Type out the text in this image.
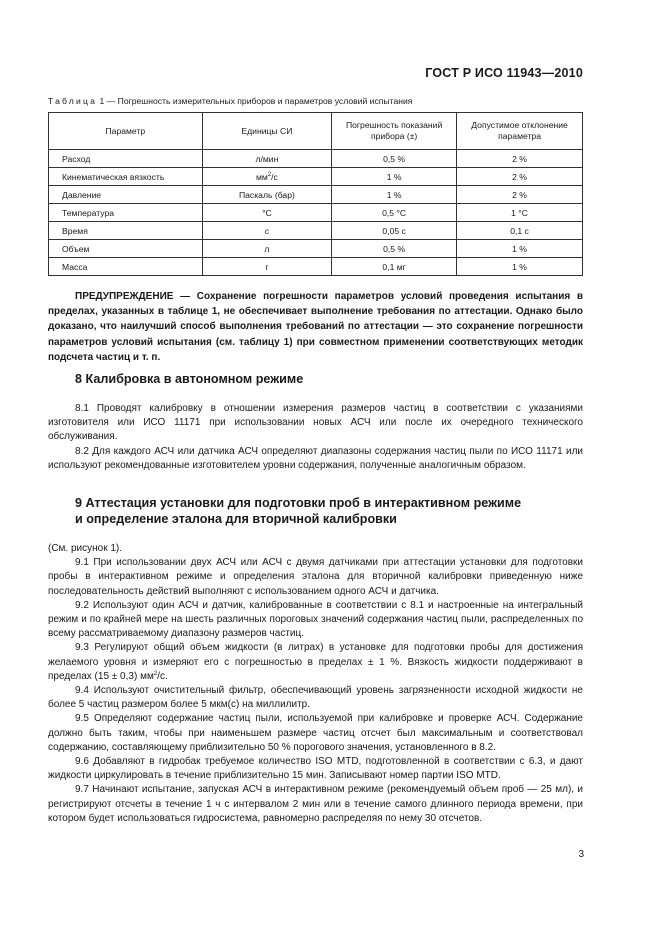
ГОСТ Р ИСО 11943—2010
Таблица 1 — Погрешность измерительных приборов и параметров условий испытания
Параметр	Единицы СИ	Погрешность показаний прибора (±)	Допустимое отклонение параметра
Расход	л/мин	0,5 %	2 %
Кинематическая вязкость	$мм^2/с$	1 %	2 %
Давление	Паскаль (бар)	1 %	2 %
Температура	°С	0,5 °С	1 °С
Время	с	0,05 с	0,1 с
Объем	л	0,5 %	1 %
Масса	г	0,1 мг	1 %

ПРЕДУПРЕЖДЕНИЕ — Сохранение погрешности параметров условий проведения испытания в пределах, указанных в таблице 1, не обеспечивает выполнение требования по аттестации. Однако было доказано, что наилучший способ выполнения требований по аттестации — это сохранение погрешности параметров условий испытания (см. таблицу 1) при совместном применении соответствующих методик подсчета частиц и т. п.

8 Калибровка в автономном режиме

8.1 Проводят калибровку в отношении измерения размеров частиц в соответствии с указаниями изготовителя или ИСО 11171 при использовании новых АСЧ или после их очередного технического обслуживания.

8.2 Для каждого АСЧ или датчика АСЧ определяют диапазоны содержания частиц пыли по ИСО 11171 или используют рекомендованные изготовителем уровни содержания, полученные аналогичным образом.

9 Аттестация установки для подготовки проб в интерактивном режиме
и определение эталона для вторичной калибровки

(См. рисунок 1).

9.1 При использовании двух АСЧ или АСЧ с двумя датчиками при аттестации установки для подготовки пробы в интерактивном режиме и определения эталона для вторичной калибровки приведенную ниже последовательность действий выполняют с использованием одного АСЧ и датчика.

9.2 Используют один АСЧ и датчик, калиброванные в соответствии с 8.1 и настроенные на интегральный режим и по крайней мере на шесть различных пороговых значений содержания частиц пыли, распределенных по всему рассматриваемому диапазону размеров частиц.

9.3 Регулируют общий объем жидкости (в литрах) в установке для подготовки пробы для достижения желаемого уровня и измеряют его с погрешностью в пределах ± 1 %. Вязкость жидкости поддерживают в пределах (15 ± 0,3) $мм^2/с$.

9.4 Используют очистительный фильтр, обеспечивающий уровень загрязненности исходной жидкости не более 5 частиц размером более 5 мкм(с) на миллилитр.

9.5 Определяют содержание частиц пыли, используемой при калибровке и проверке АСЧ. Содержание должно быть таким, чтобы при наименьшем размере частиц отсчет был максимальным и соответствовал содержанию, составляющему приблизительно 50 % порогового значения, установленного в 8.2.

9.6 Добавляют в гидробак требуемое количество ISO MTD, подготовленной в соответствии с 6.3, и дают жидкости циркулировать в течение приблизительно 15 мин. Записывают номер партии ISO MTD.

9.7 Начинают испытание, запуская АСЧ в интерактивном режиме (рекомендуемый объем проб — 25 мл), и регистрируют отсчеты в течение 1 ч с интервалом 2 мин или в течение самого длинного периода времени, при котором будет использоваться гидросистема, равномерно распределяя по нему 30 отсчетов.

3
